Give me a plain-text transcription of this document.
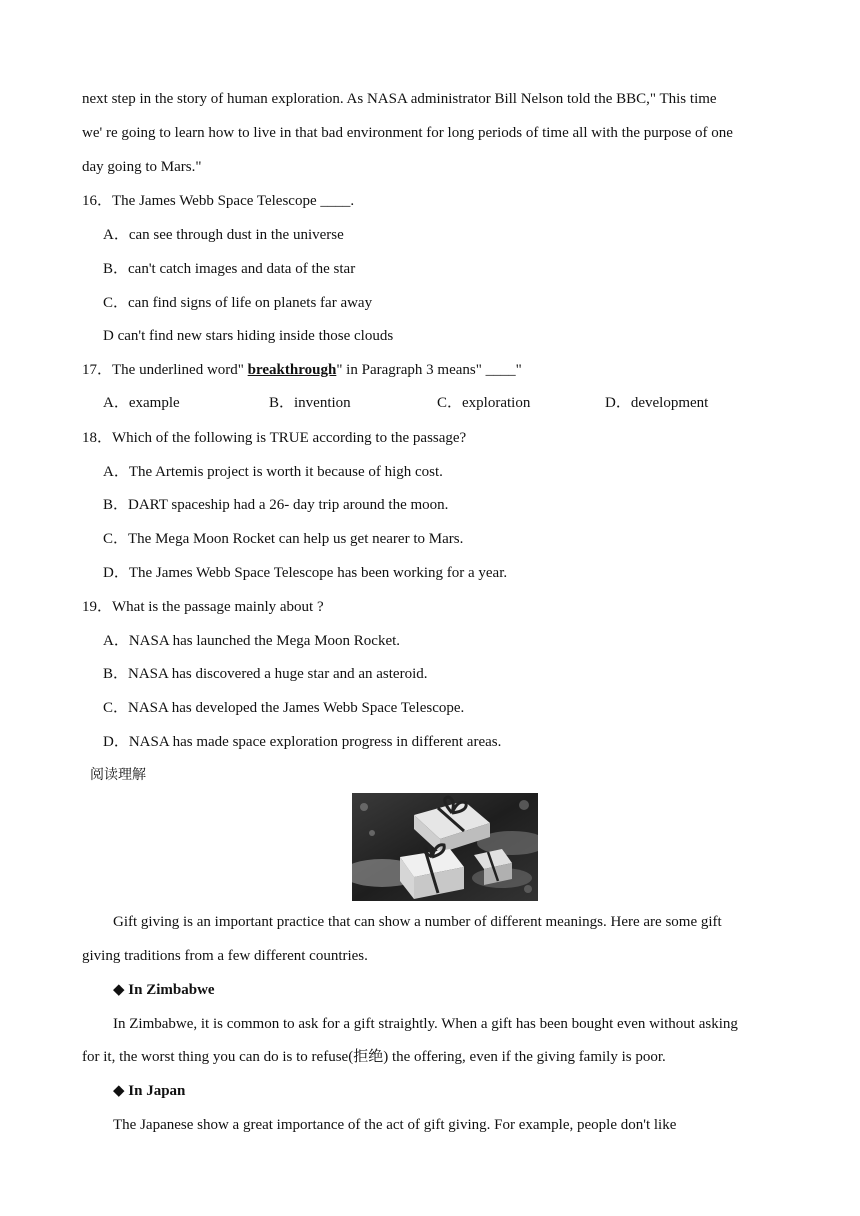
next step in the story of human exploration. As NASA administrator Bill Nelson told the BBC," This time
we' re going to learn how to live in that bad environment for long periods of time all with the purpose of one
day going to Mars."
16．The James Webb Space Telescope ____.
A．can see through dust in the universe
B．can't catch images and data of the star
C．can find signs of life on planets far away
D can't find new stars hiding inside those clouds
17．The underlined word" breakthrough" in Paragraph 3 means" ____"
A．example	B．invention	C．exploration	D．development
18．Which of the following is TRUE according to the passage?
A．The Artemis project is worth it because of high cost.
B．DART spaceship had a 26- day trip around the moon.
C．The Mega Moon Rocket can help us get nearer to Mars.
D．The James Webb Space Telescope has been working for a year.
19．What is the passage mainly about ?
A．NASA has launched the Mega Moon Rocket.
B．NASA has discovered a huge star and an asteroid.
C．NASA has developed the James Webb Space Telescope.
D．NASA has made space exploration progress in different areas.
阅读理解
Gift giving is an important practice that can show a number of different meanings. Here are some gift
giving traditions from a few different countries.
◆ In Zimbabwe
In Zimbabwe, it is common to ask for a gift straightly. When a gift has been bought even without asking
for it, the worst thing you can do is to refuse(拒绝) the offering, even if the giving family is poor.
◆ In Japan
The Japanese show a great importance of the act of gift giving. For example, people don't like
